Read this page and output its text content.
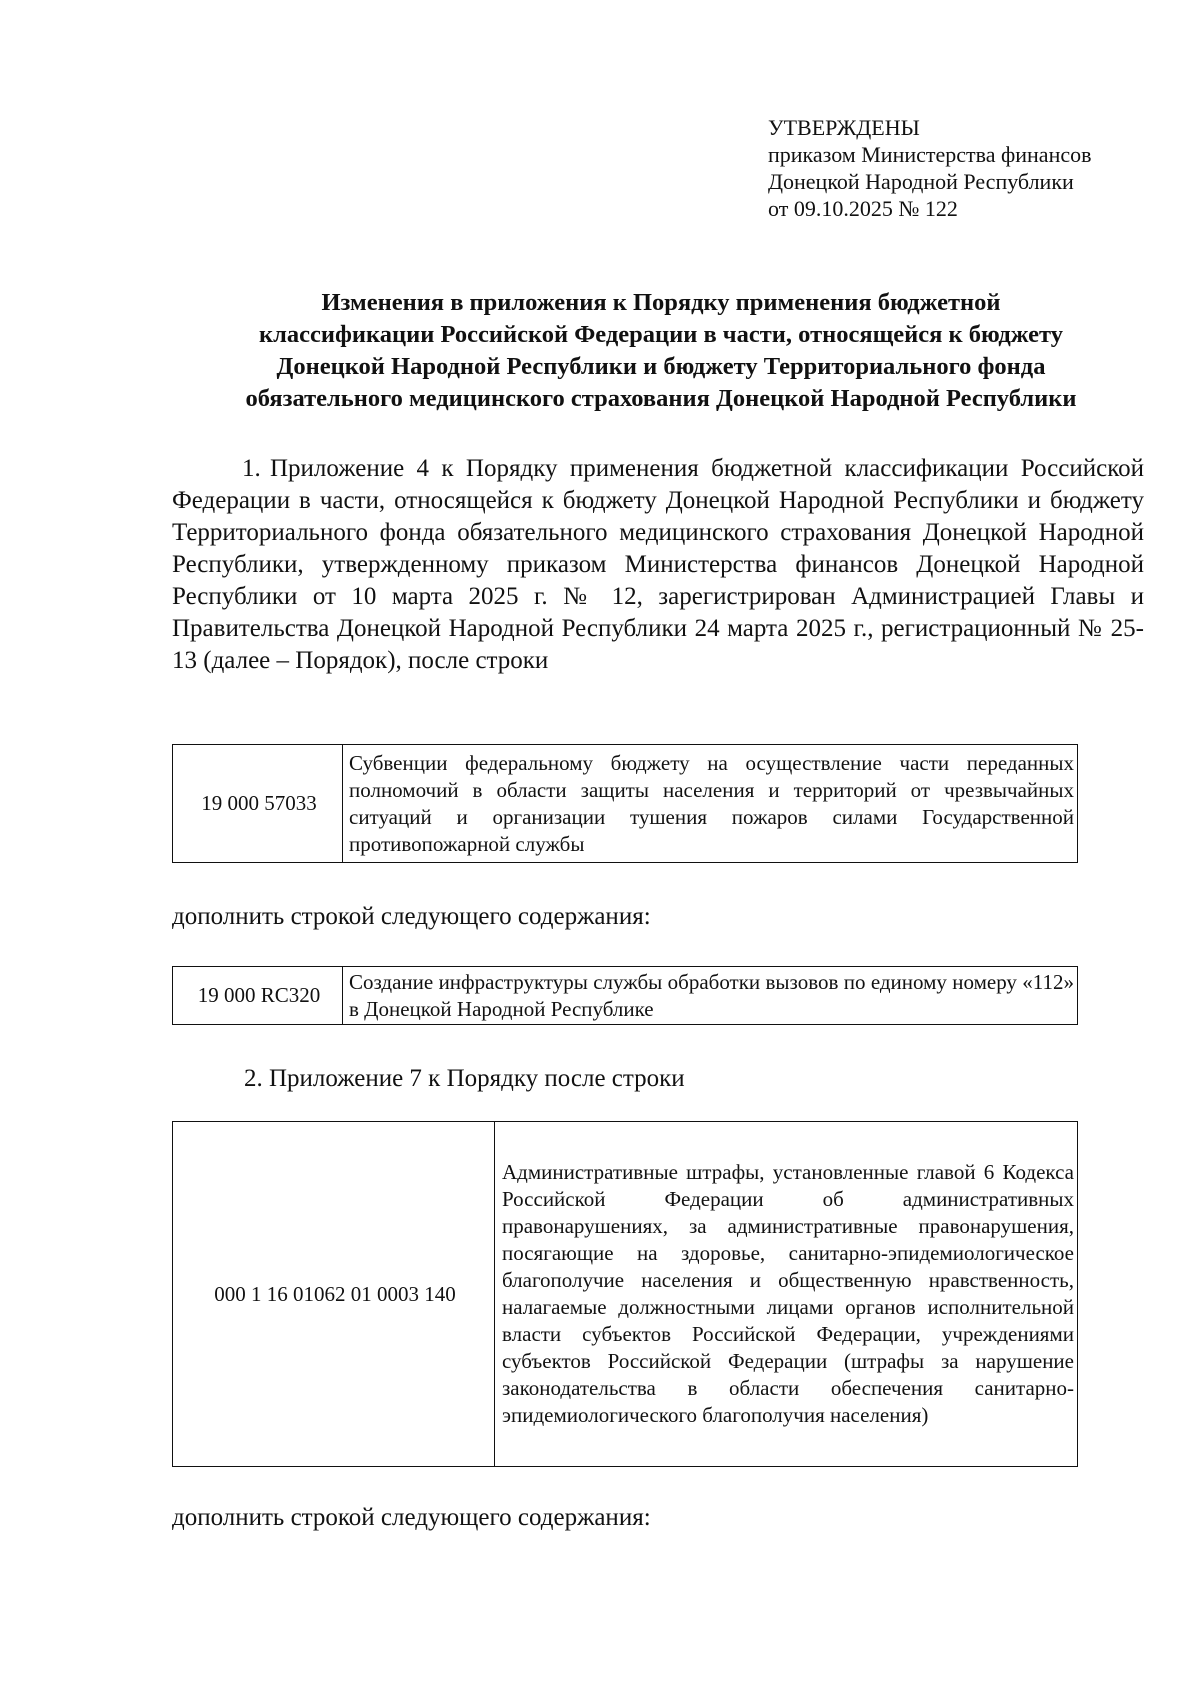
УТВЕРЖДЕНЫ
приказом Министерства финансов
Донецкой Народной Республики
от 09.10.2025 № 122
Изменения в приложения к Порядку применения бюджетной
классификации Российской Федерации в части, относящейся к бюджету
Донецкой Народной Республики и бюджету Территориального фонда
обязательного медицинского страхования Донецкой Народной Республики
1. Приложение 4 к Порядку применения бюджетной классификации Российской Федерации в части, относящейся к бюджету Донецкой Народной Республики и бюджету Территориального фонда обязательного медицинского страхования Донецкой Народной Республики, утвержденному приказом Министерства финансов Донецкой Народной Республики от 10 марта 2025 г. № 12, зарегистрирован Администрацией Главы и Правительства Донецкой Народной Республики 24 марта 2025 г., регистрационный № 25-13 (далее – Порядок), после строки
19 000 57033	Субвенции федеральному бюджету на осуществление части переданных полномочий в области защиты населения и территорий от чрезвычайных ситуаций и организации тушения пожаров силами Государственной противопожарной службы
дополнить строкой следующего содержания:
19 000 RC320	Создание инфраструктуры службы обработки вызовов по единому номеру «112» в Донецкой Народной Республике
2. Приложение 7 к Порядку после строки
000 1 16 01062 01 0003 140	Административные штрафы, установленные главой 6 Кодекса Российской Федерации об административных правонарушениях, за административные правонарушения, посягающие на здоровье, санитарно-эпидемиологическое благополучие населения и общественную нравственность, налагаемые должностными лицами органов исполнительной власти субъектов Российской Федерации, учреждениями субъектов Российской Федерации (штрафы за нарушение законодательства в области обеспечения санитарно-эпидемиологического благополучия населения)
дополнить строкой следующего содержания:
